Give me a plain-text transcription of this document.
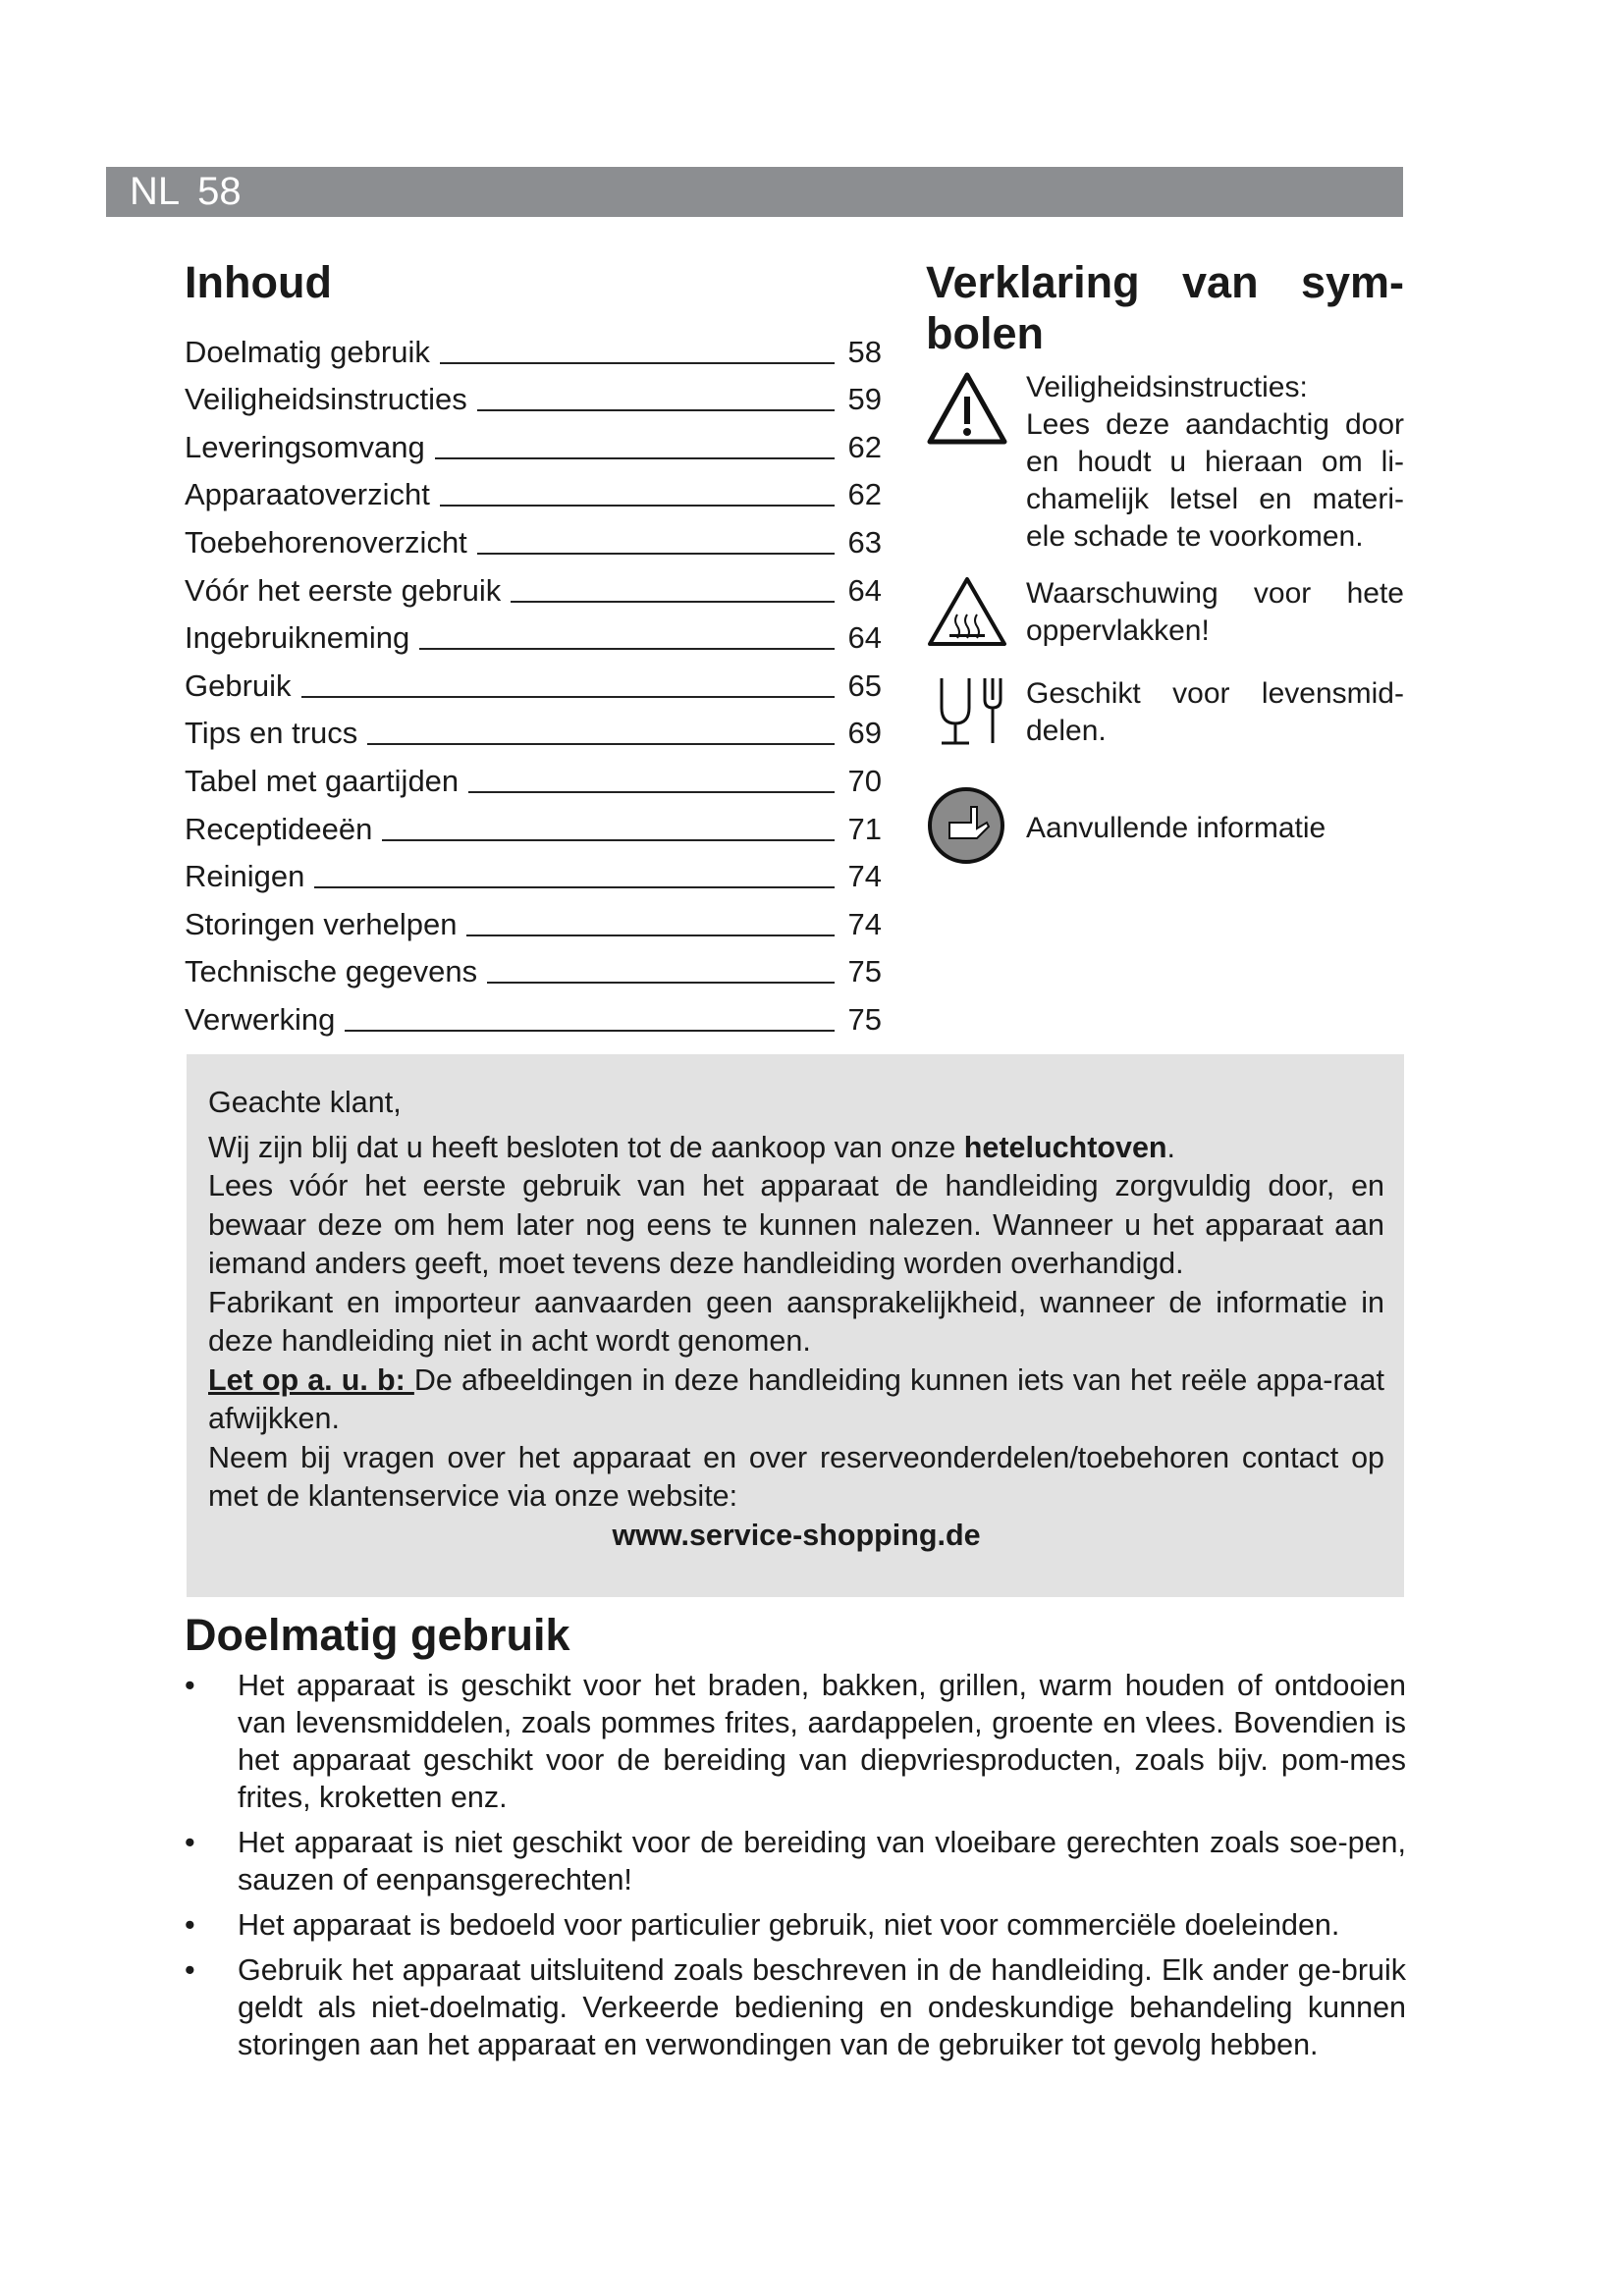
NL 58
Inhoud
Doelmatig gebruik	58
Veiligheidsinstructies	59
Leveringsomvang	62
Apparaatoverzicht	62
Toebehorenoverzicht	63
Vóór het eerste gebruik	64
Ingebruikneming	64
Gebruik	65
Tips en trucs	69
Tabel met gaartijden	70
Receptideeën	71
Reinigen	74
Storingen verhelpen	74
Technische gegevens	75
Verwerking	75
Verklaring van sym-
bolen
Veiligheidsinstructies:
Lees deze aandachtig door en houdt u hieraan om li-chamelijk letsel en materi-ele schade te voorkomen.
Waarschuwing voor hete oppervlakken!
Geschikt voor levensmid-delen.
Aanvullende informatie

Geachte klant,

Wij zijn blij dat u heeft besloten tot de aankoop van onze heteluchtoven.

Lees vóór het eerste gebruik van het apparaat de handleiding zorgvuldig door, en bewaar deze om hem later nog eens te kunnen nalezen. Wanneer u het apparaat aan iemand anders geeft, moet tevens deze handleiding worden overhandigd.

Fabrikant en importeur aanvaarden geen aansprakelijkheid, wanneer de informatie in deze handleiding niet in acht wordt genomen.

Let op a. u. b: De afbeeldingen in deze handleiding kunnen iets van het reële appa-raat afwijkken.

Neem bij vragen over het apparaat en over reserveonderdelen/toebehoren contact op met de klantenservice via onze website:

www.service-shopping.de

Doelmatig gebruik
• Het apparaat is geschikt voor het braden, bakken, grillen, warm houden of ontdooien van levensmiddelen, zoals pommes frites, aardappelen, groente en vlees. Bovendien is het apparaat geschikt voor de bereiding van diepvriesproducten, zoals bijv. pom-mes frites, kroketten enz.
• Het apparaat is niet geschikt voor de bereiding van vloeibare gerechten zoals soe-pen, sauzen of eenpansgerechten!
• Het apparaat is bedoeld voor particulier gebruik, niet voor commerciële doeleinden.
• Gebruik het apparaat uitsluitend zoals beschreven in de handleiding. Elk ander ge-bruik geldt als niet-doelmatig. Verkeerde bediening en ondeskundige behandeling kunnen storingen aan het apparaat en verwondingen van de gebruiker tot gevolg hebben.
